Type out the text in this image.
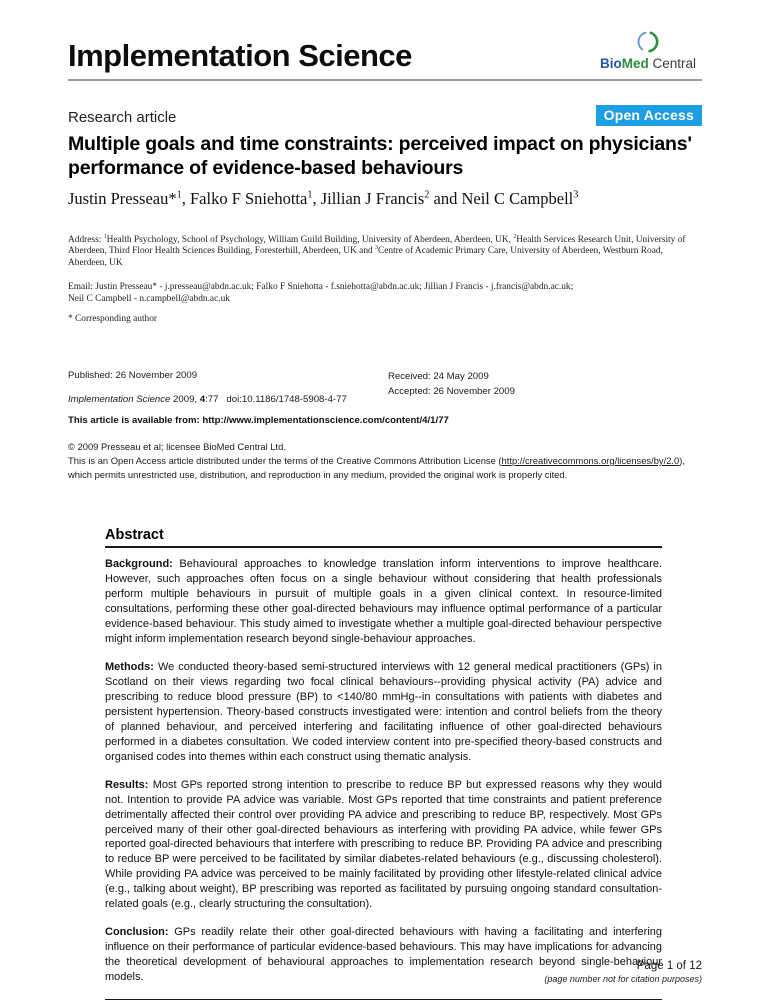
Implementation Science	BioMed Central
Research article	Open Access
Multiple goals and time constraints: perceived impact on physicians' performance of evidence-based behaviours
Justin Presseau*$^1$, Falko F Sniehotta$^1$, Jillian J Francis$^2$ and Neil C Campbell$^3$
Address: $^1$Health Psychology, School of Psychology, William Guild Building, University of Aberdeen, Aberdeen, UK, $^2$Health Services Research Unit, University of Aberdeen, Third Floor Health Sciences Building, Foresterhill, Aberdeen, UK and $^3$Centre of Academic Primary Care, University of Aberdeen, Westburn Road, Aberdeen, UK
Email: Justin Presseau* - j.presseau@abdn.ac.uk; Falko F Sniehotta - f.sniehotta@abdn.ac.uk; Jillian J Francis - j.francis@abdn.ac.uk;
Neil C Campbell - n.campbell@abdn.ac.uk
* Corresponding author

Published: 26 November 2009

Implementation Science 2009, 4:77   doi:10.1186/1748-5908-4-77

Received: 24 May 2009
Accepted: 26 November 2009
This article is available from: http://www.implementationscience.com/content/4/1/77
© 2009 Presseau et al; licensee BioMed Central Ltd.
This is an Open Access article distributed under the terms of the Creative Commons Attribution License (http://creativecommons.org/licenses/by/2.0), which permits unrestricted use, distribution, and reproduction in any medium, provided the original work is properly cited.
Abstract

Background: Behavioural approaches to knowledge translation inform interventions to improve healthcare. However, such approaches often focus on a single behaviour without considering that health professionals perform multiple behaviours in pursuit of multiple goals in a given clinical context. In resource-limited consultations, performing these other goal-directed behaviours may influence optimal performance of a particular evidence-based behaviour. This study aimed to investigate whether a multiple goal-directed behaviour perspective might inform implementation research beyond single-behaviour approaches.

Methods: We conducted theory-based semi-structured interviews with 12 general medical practitioners (GPs) in Scotland on their views regarding two focal clinical behaviours--providing physical activity (PA) advice and prescribing to reduce blood pressure (BP) to <140/80 mmHg--in consultations with patients with diabetes and persistent hypertension. Theory-based constructs investigated were: intention and control beliefs from the theory of planned behaviour, and perceived interfering and facilitating influence of other goal-directed behaviours performed in a diabetes consultation. We coded interview content into pre-specified theory-based constructs and organised codes into themes within each construct using thematic analysis.

Results: Most GPs reported strong intention to prescribe to reduce BP but expressed reasons why they would not. Intention to provide PA advice was variable. Most GPs reported that time constraints and patient preference detrimentally affected their control over providing PA advice and prescribing to reduce BP, respectively. Most GPs perceived many of their other goal-directed behaviours as interfering with providing PA advice, while fewer GPs reported goal-directed behaviours that interfere with prescribing to reduce BP. Providing PA advice and prescribing to reduce BP were perceived to be facilitated by similar diabetes-related behaviours (e.g., discussing cholesterol). While providing PA advice was perceived to be mainly facilitated by providing other lifestyle-related clinical advice (e.g., talking about weight), BP prescribing was reported as facilitated by pursuing ongoing standard consultation-related goals (e.g., clearly structuring the consultation).

Conclusion: GPs readily relate their other goal-directed behaviours with having a facilitating and interfering influence on their performance of particular evidence-based behaviours. This may have implications for advancing the theoretical development of behavioural approaches to implementation research beyond single-behaviour models.

Page 1 of 12
(page number not for citation purposes)
